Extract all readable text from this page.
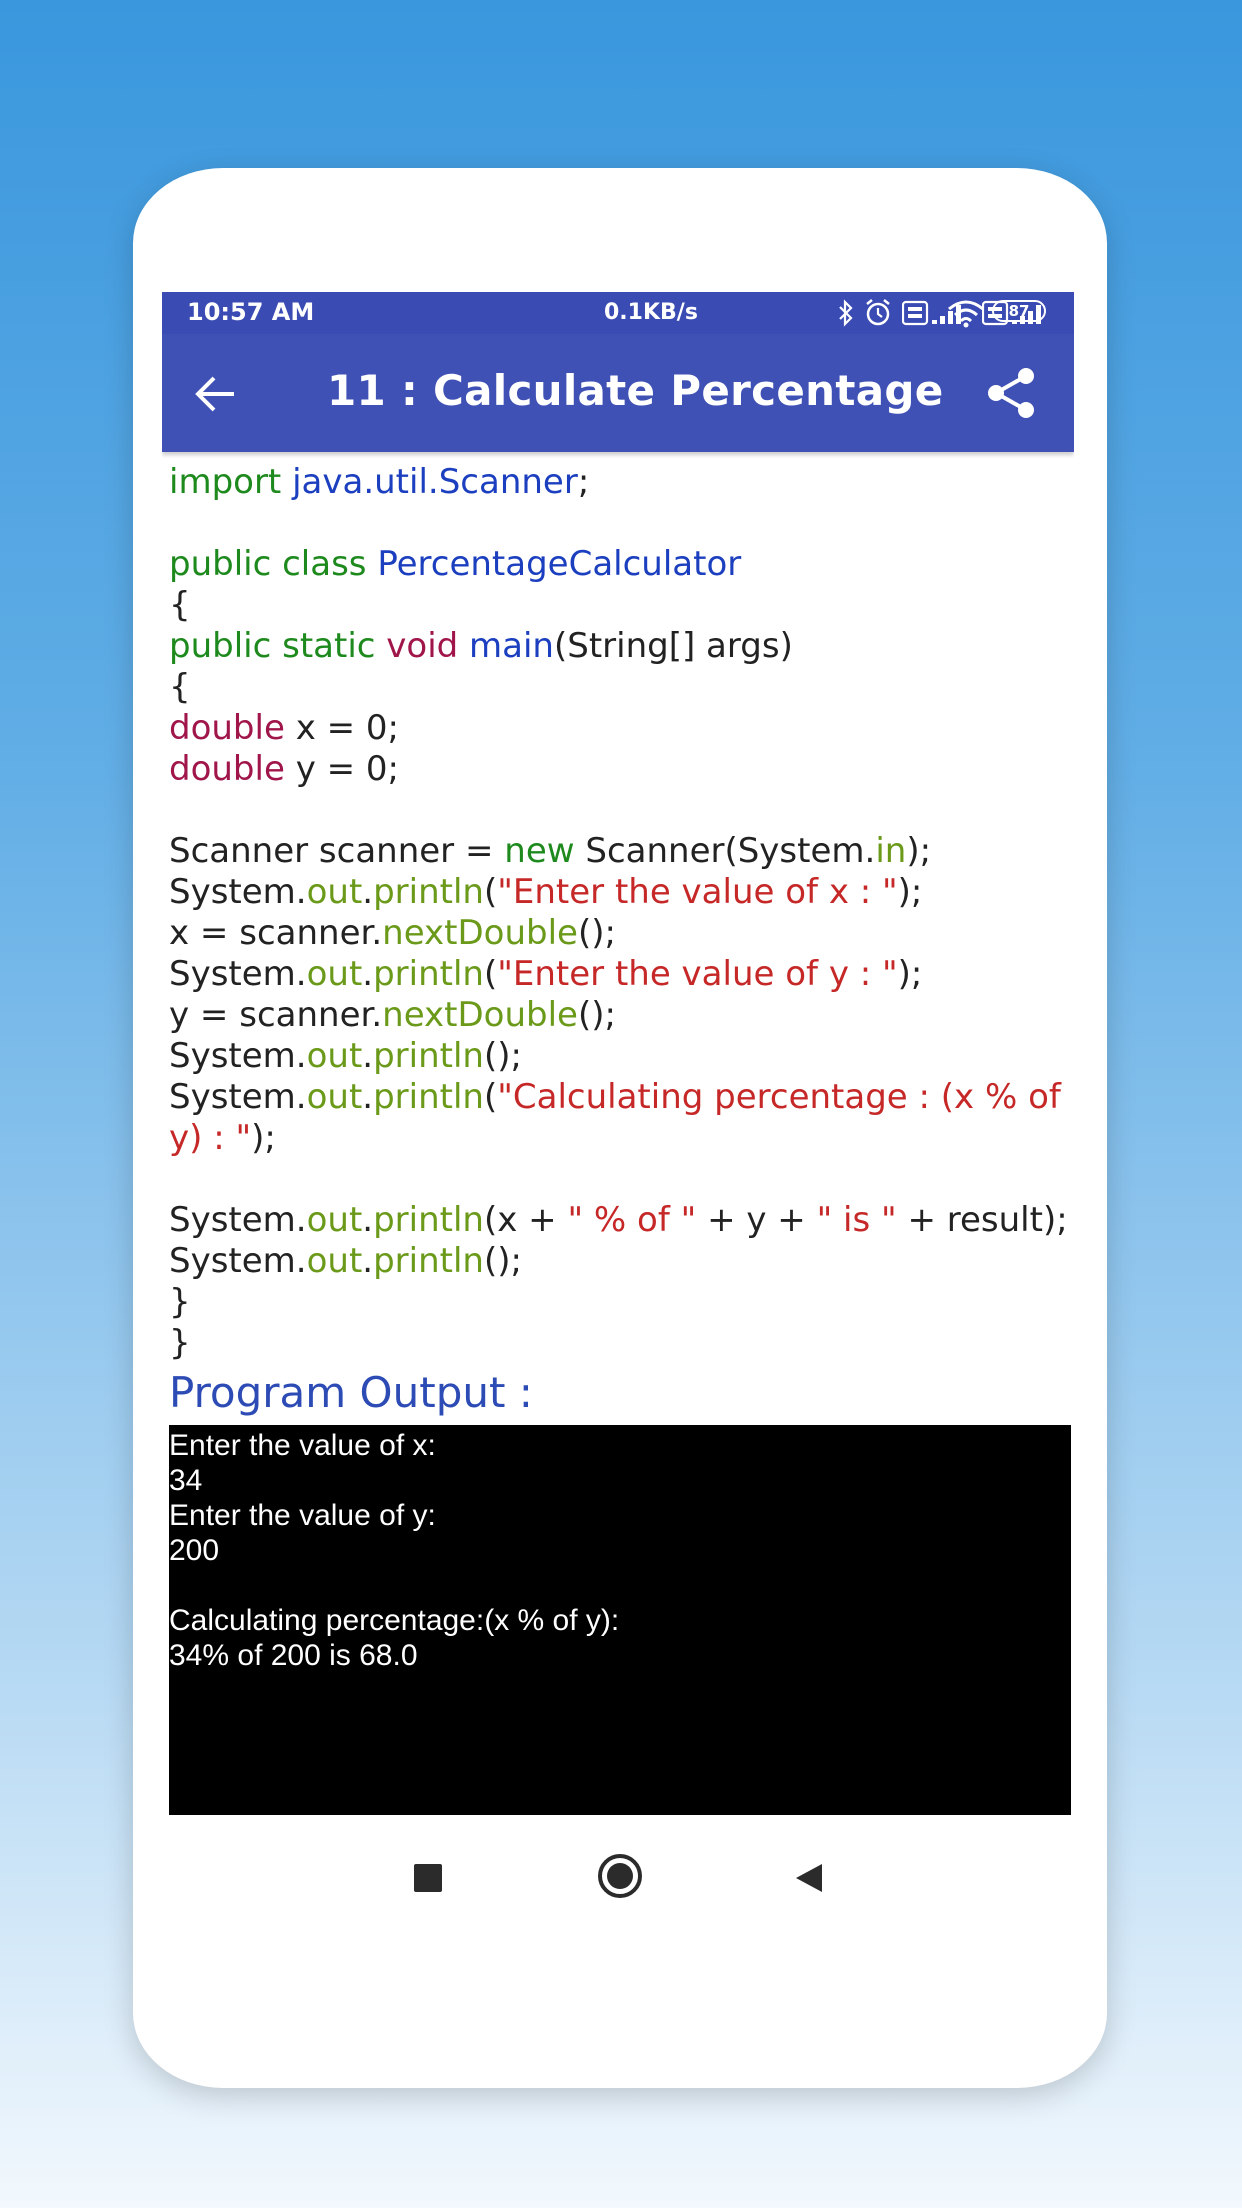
10:57 AM	0.1KB/s	87
11 : Calculate Percentage
import java.util.Scanner;
public class PercentageCalculator
{
public static void main(String[] args)
{
double x = 0;
double y = 0;
Scanner scanner = new Scanner(System.in);
System.out.println("Enter the value of x : ");
x = scanner.nextDouble();
System.out.println("Enter the value of y : ");
y = scanner.nextDouble();
System.out.println();
System.out.println("Calculating percentage : (x % of
y) : ");
System.out.println(x + " % of " + y + " is " + result);
System.out.println();
}
}
Program Output :
Enter the value of x:
34
Enter the value of y:
200
Calculating percentage:(x % of y):
34% of 200 is 68.0
